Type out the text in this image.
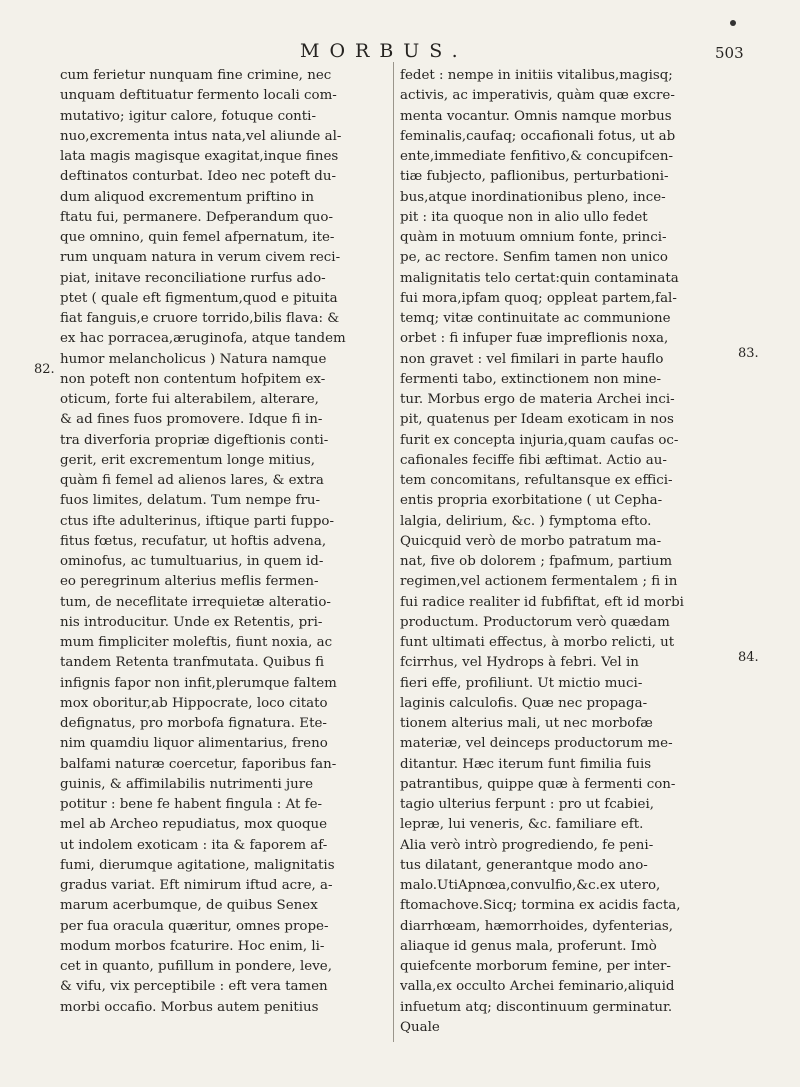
MORBUS.	503
82.
83.
84.
cum ferietur nunquam fine crimine, nec
unquam deftituatur fermento locali com-
mutativo; igitur calore, fotuque conti-
nuo,excrementa intus nata,vel aliunde al-
lata magis magisque exagitat,inque fines
deftinatos conturbat. Ideo nec poteft du-
dum aliquod excrementum priftino in
ftatu fui, permanere. Defperandum quo-
que omnino, quin femel afpernatum, ite-
rum unquam natura in verum civem reci-
piat, initave reconciliatione rurfus ado-
ptet ( quale eft figmentum,quod e pituita
fiat fanguis,e cruore torrido,bilis flava: &
ex hac porracea,æruginofa, atque tandem
humor melancholicus ) Natura namque
non poteft non contentum hofpitem ex-
oticum, forte fui alterabilem, alterare,
& ad fines fuos promovere. Idque fi in-
tra diverforia propriæ digeftionis conti-
gerit, erit excrementum longe mitius,
quàm fi femel ad alienos lares, & extra
fuos limites, delatum. Tum nempe fru-
ctus ifte adulterinus, iftique parti fuppo-
fitus fœtus, recufatur, ut hoftis advena,
ominofus, ac tumultuarius, in quem id-
eo peregrinum alterius meflis fermen-
tum, de neceflitate irrequietæ alteratio-
nis introducitur. Unde ex Retentis, pri-
mum fimpliciter moleftis, fiunt noxia, ac
tandem Retenta tranfmutata. Quibus fi
infignis fapor non infit,plerumque faltem
mox oboritur,ab Hippocrate, loco citato
defignatus, pro morbofa fignatura. Ete-
nim quamdiu liquor alimentarius, freno
balfami naturæ coercetur, faporibus fan-
guinis, & affimilabilis nutrimenti jure
potitur : bene fe habent fingula : At fe-
mel ab Archeo repudiatus, mox quoque
ut indolem exoticam : ita & faporem af-
fumi, dierumque agitatione, malignitatis
gradus variat. Eft nimirum iftud acre, a-
marum acerbumque, de quibus Senex
per fua oracula quæritur, omnes prope-
modum morbos fcaturire. Hoc enim, li-
cet in quanto, pufillum in pondere, leve,
& vifu, vix perceptibile : eft vera tamen
morbi occafio. Morbus autem penitius
fedet : nempe in initiis vitalibus,magisq;
activis, ac imperativis, quàm quæ excre-
menta vocantur. Omnis namque morbus
feminalis,caufaq; occafionali fotus, ut ab
ente,immediate fenfitivo,& concupifcen-
tiæ fubjecto, paflionibus, perturbationi-
bus,atque inordinationibus pleno, ince-
pit : ita quoque non in alio ullo fedet
quàm in motuum omnium fonte, princi-
pe, ac rectore. Senfim tamen non unico
malignitatis telo certat:quin contaminata
fui mora,ipfam quoq; oppleat partem,fal-
temq; vitæ continuitate ac communione
orbet : fi infuper fuæ impreflionis noxa,
non gravet : vel fimilari in parte hauflo
fermenti tabo, extinctionem non mine-
tur. Morbus ergo de materia Archei inci-
pit, quatenus per Ideam exoticam in nos
furit ex concepta injuria,quam caufas oc-
cafionales feciffe fibi æftimat. Actio au-
tem concomitans, refultansque ex effici-
entis propria exorbitatione ( ut Cepha-
lalgia, delirium, &c. ) fymptoma efto.
Quicquid verò de morbo patratum ma-
nat, five ob dolorem ; fpafmum, partium
regimen,vel actionem fermentalem ; fi in
fui radice realiter id fubfiftat, eft id morbi
productum. Productorum verò quædam
funt ultimati effectus, à morbo relicti, ut
fcirrhus, vel Hydrops à febri. Vel in
fieri effe, profiliunt. Ut mictio muci-
laginis calculofis. Quæ nec propaga-
tionem alterius mali, ut nec morbofæ
materiæ, vel deinceps productorum me-
ditantur. Hæc iterum funt fimilia fuis
patrantibus, quippe quæ à fermenti con-
tagio ulterius ferpunt : pro ut fcabiei,
lepræ, lui veneris, &c. familiare eft.
Alia verò intrò progrediendo, fe peni-
tus dilatant, generantque modo ano-
malo.UtiApnœa,convulfio,&c.ex utero,
ftomachove.Sicq; tormina ex acidis facta,
diarrhœam, hæmorrhoides, dyfenterias,
aliaque id genus mala, proferunt. Imò
quiefcente morborum femine, per inter-
valla,ex occulto Archei feminario,aliquid
infuetum atq; discontinuum germinatur.
Quale
